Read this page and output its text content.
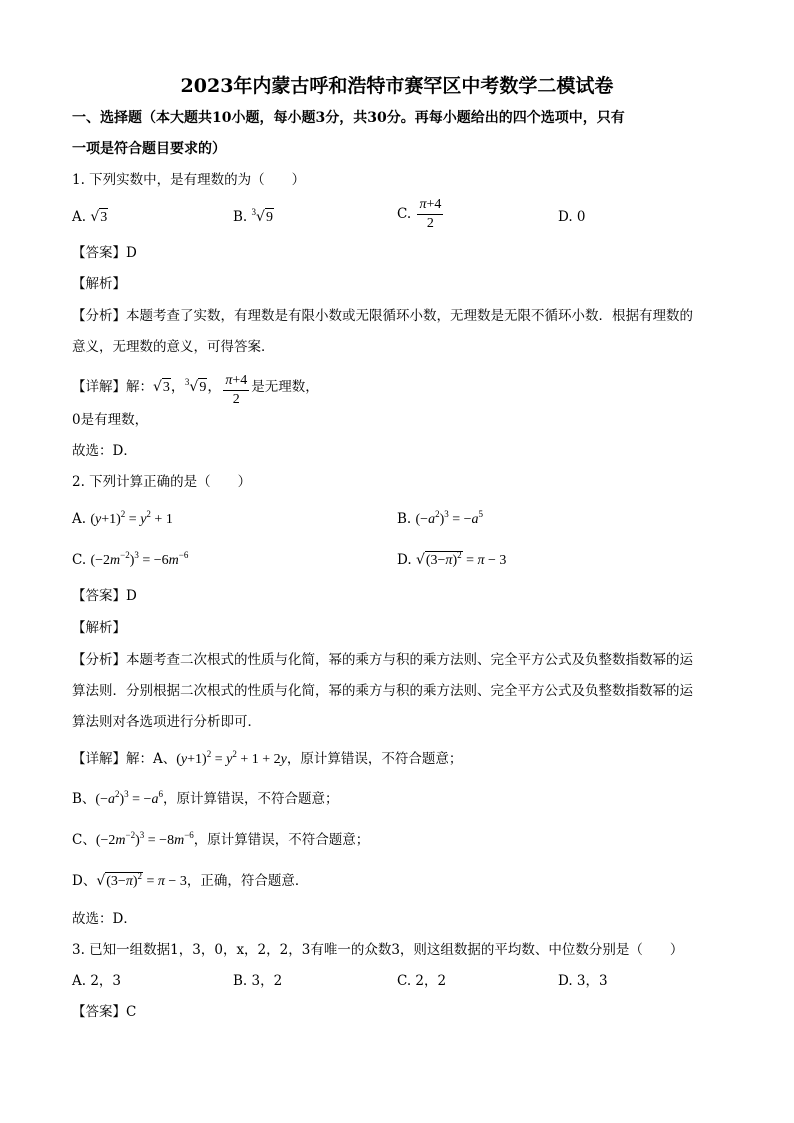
2023年内蒙古呼和浩特市赛罕区中考数学二模试卷
一、选择题（本大题共10小题，每小题3分，共30分。再每小题给出的四个选项中，只有
一项是符合题目要求的）
1. 下列实数中，是有理数的为（　　）
A. √3	B. $^3$√9	C. $\frac{\pi+4}{2}$	D. 0
【答案】D
【解析】
【分析】本题考查了实数，有理数是有限小数或无限循环小数，无理数是无限不循环小数．根据有理数的
意义，无理数的意义，可得答案．
【详解】解：√3，$^3$√9， $\frac{\pi+4}{2}$ 是无理数，
0是有理数，
故选：D．
2. 下列计算正确的是（　　）
A. $(y+1)^2 = y^2 + 1$	B. $(-a^2)^3 = -a^5$
C. $(-2m^{-2})^3 = -6m^{-6}$	D. $√(3-\pi)^2 = \pi - 3$
【答案】D
【解析】
【分析】本题考查二次根式的性质与化简，幂的乘方与积的乘方法则、完全平方公式及负整数指数幂的运
算法则．分别根据二次根式的性质与化简，幂的乘方与积的乘方法则、完全平方公式及负整数指数幂的运
算法则对各选项进行分析即可．
【详解】解：A、$(y+1)^2 = y^2 + 1 + 2y$，原计算错误，不符合题意；
B、$(-a^2)^3 = -a^6$，原计算错误，不符合题意；
C、$(-2m^{-2})^3 = -8m^{-6}$，原计算错误，不符合题意；
D、$√(3-\pi)^2 = \pi - 3$，正确，符合题意．
故选：D．
3. 已知一组数据1，3，0，x，2，2，3有唯一的众数3，则这组数据的平均数、中位数分别是（　　）
A. 2，3	B. 3，2	C. 2，2	D. 3，3
【答案】C
